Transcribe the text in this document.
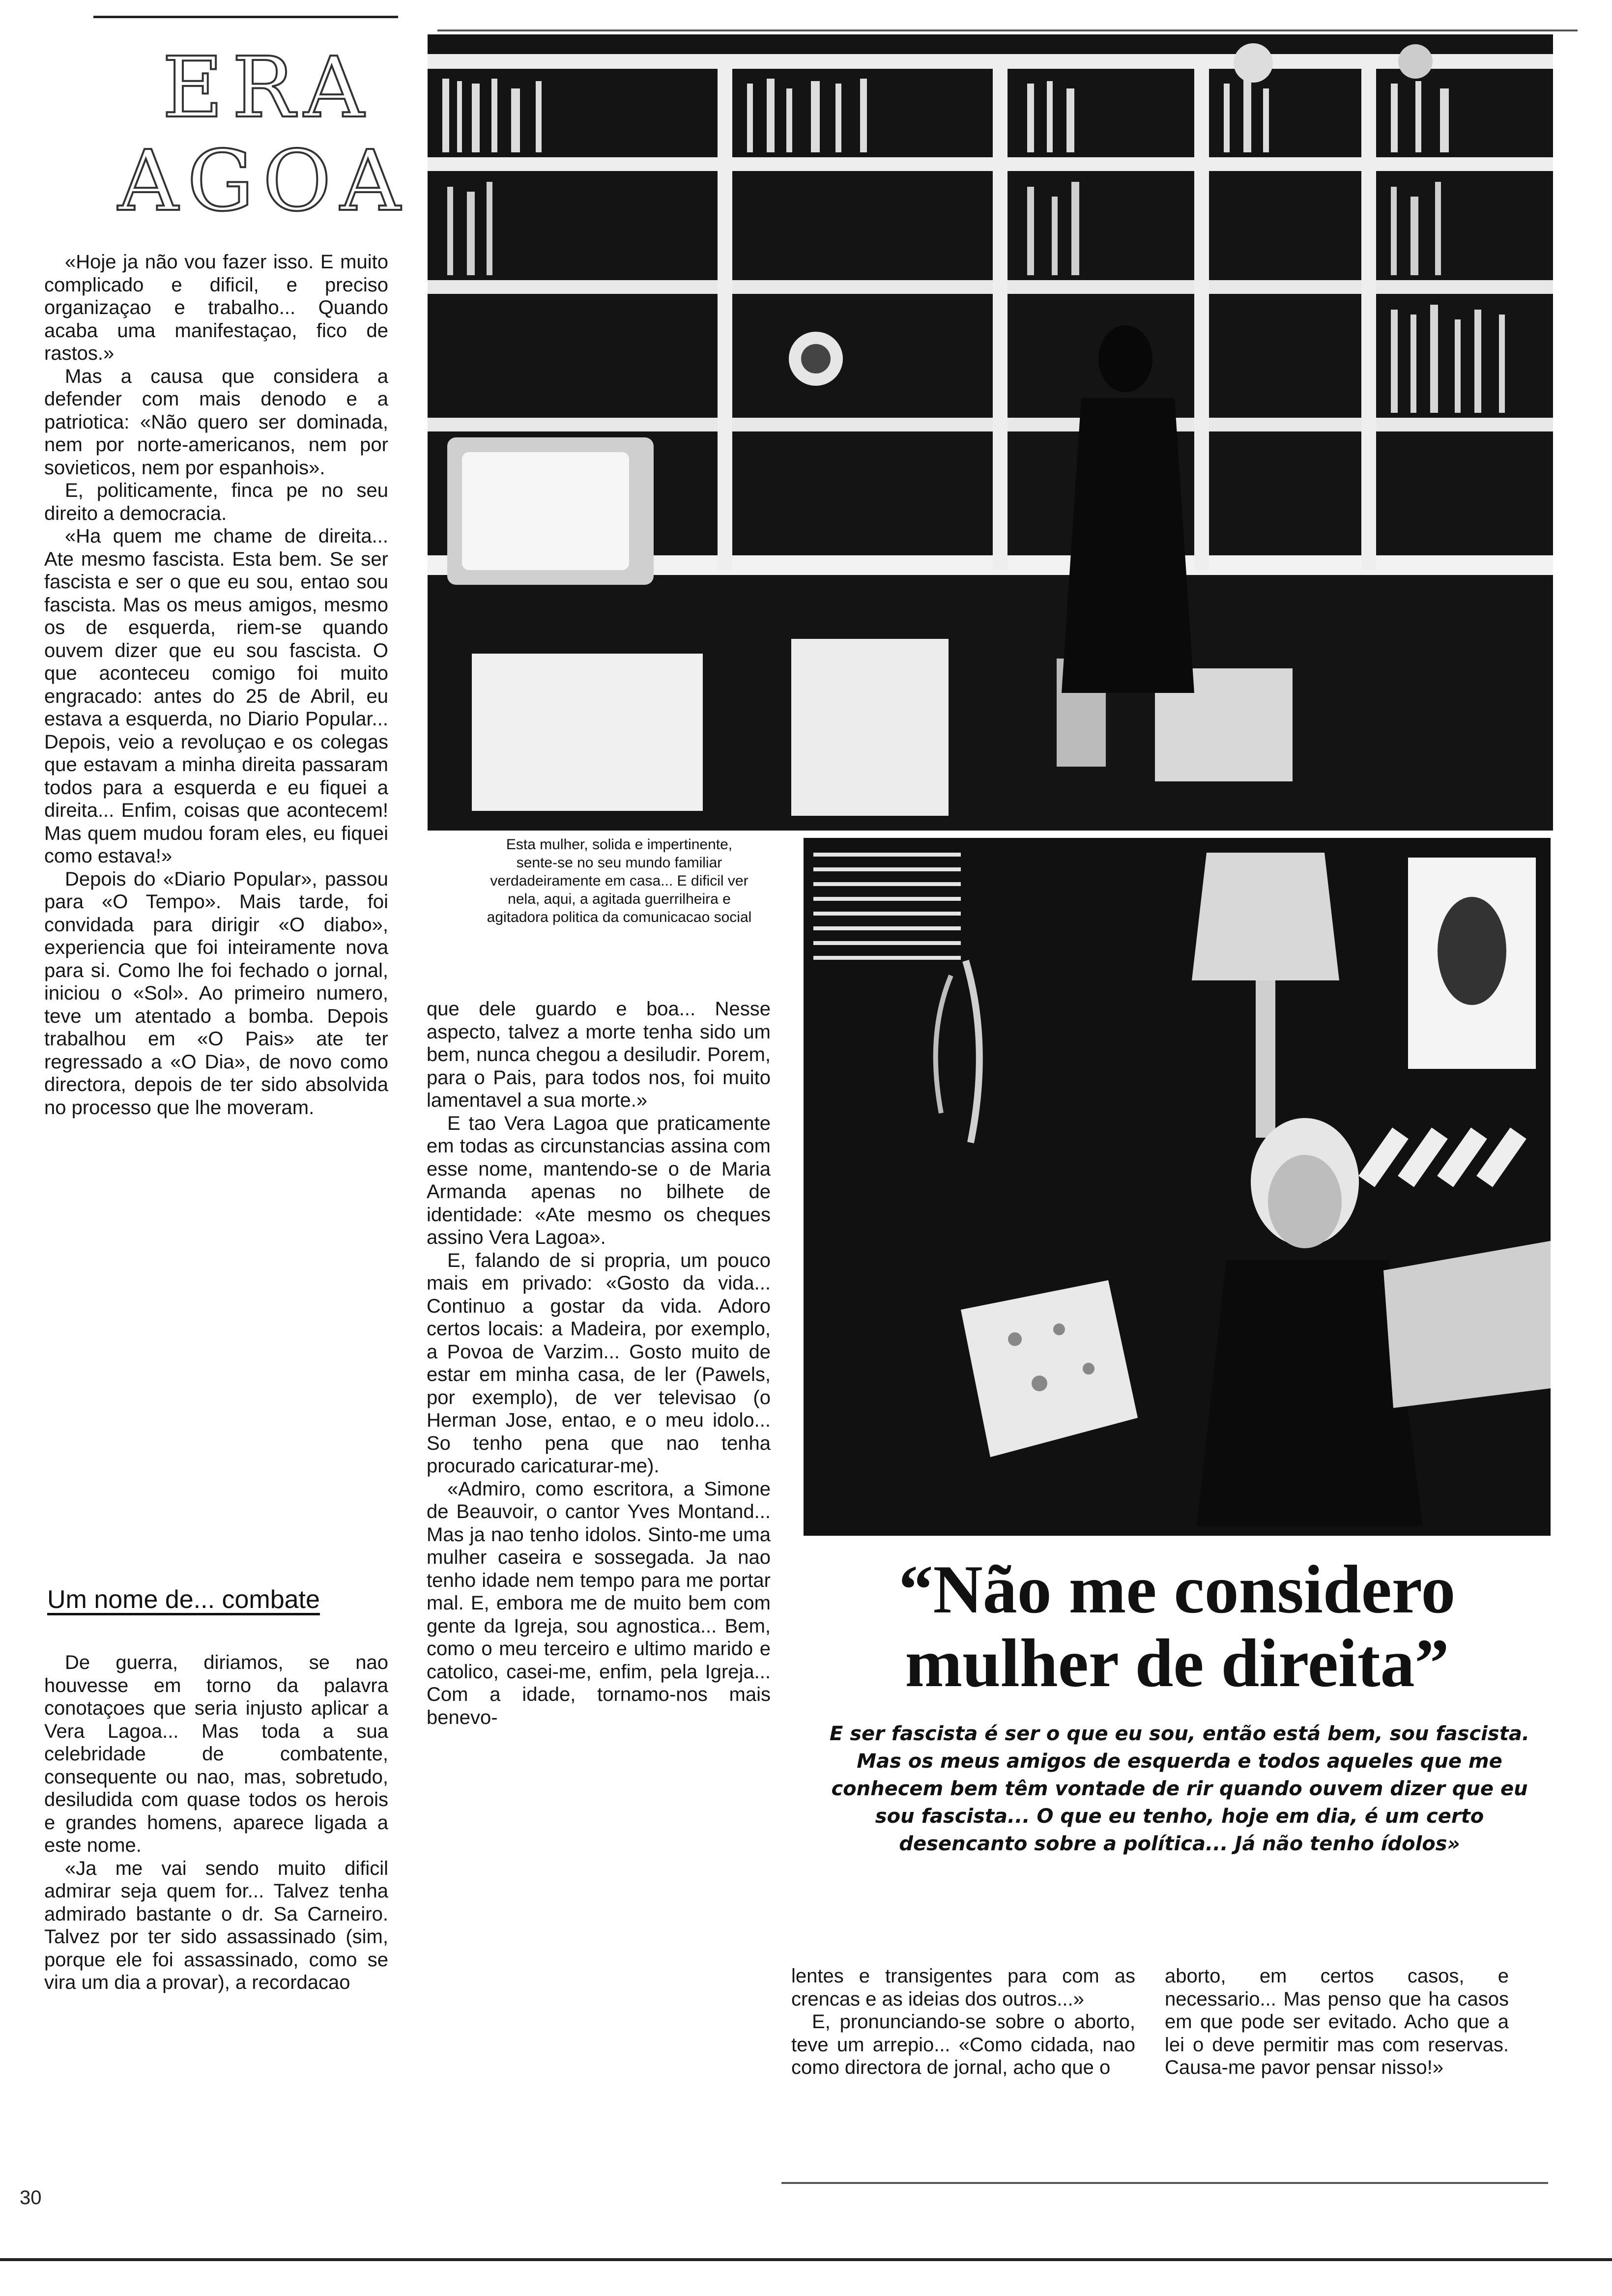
ERA
AGOA

«Hoje ja não vou fazer isso. E muito complicado e dificil, e preciso organizaçao e trabalho... Quando acaba uma manifestaçao, fico de rastos.»

Mas a causa que considera a defender com mais denodo e a patriotica: «Não quero ser dominada, nem por norte-americanos, nem por sovieticos, nem por espanhois».

E, politicamente, finca pe no seu direito a democracia.

«Ha quem me chame de direita... Ate mesmo fascista. Esta bem. Se ser fascista e ser o que eu sou, entao sou fascista. Mas os meus amigos, mesmo os de esquerda, riem-se quando ouvem dizer que eu sou fascista. O que aconteceu comigo foi muito engracado: antes do 25 de Abril, eu estava a esquerda, no Diario Popular... Depois, veio a revoluçao e os colegas que estavam a minha direita passaram todos para a esquerda e eu fiquei a direita... Enfim, coisas que acontecem! Mas quem mudou foram eles, eu fiquei como estava!»

Depois do «Diario Popular», passou para «O Tempo». Mais tarde, foi convidada para dirigir «O diabo», experiencia que foi inteiramente nova para si. Como lhe foi fechado o jornal, iniciou o «Sol». Ao primeiro numero, teve um atentado a bomba. Depois trabalhou em «O Pais» ate ter regressado a «O Dia», de novo como directora, depois de ter sido absolvida no processo que lhe moveram.

Um nome de... combate

De guerra, diriamos, se nao houvesse em torno da palavra conotaçoes que seria injusto aplicar a Vera Lagoa... Mas toda a sua celebridade de combatente, consequente ou nao, mas, sobretudo, desiludida com quase todos os herois e grandes homens, aparece ligada a este nome.

«Ja me vai sendo muito dificil admirar seja quem for... Talvez tenha admirado bastante o dr. Sa Carneiro. Talvez por ter sido assassinado (sim, porque ele foi assassinado, como se vira um dia a provar), a recordacao

Esta mulher, solida e impertinente, sente-se no seu mundo familiar verdadeiramente em casa... E dificil ver nela, aqui, a agitada guerrilheira e agitadora politica da comunicacao social

que dele guardo e boa... Nesse aspecto, talvez a morte tenha sido um bem, nunca chegou a desiludir. Porem, para o Pais, para todos nos, foi muito lamentavel a sua morte.»

E tao Vera Lagoa que praticamente em todas as circunstancias assina com esse nome, mantendo-se o de Maria Armanda apenas no bilhete de identidade: «Ate mesmo os cheques assino Vera Lagoa».

E, falando de si propria, um pouco mais em privado: «Gosto da vida... Continuo a gostar da vida. Adoro certos locais: a Madeira, por exemplo, a Povoa de Varzim... Gosto muito de estar em minha casa, de ler (Pawels, por exemplo), de ver televisao (o Herman Jose, entao, e o meu idolo... So tenho pena que nao tenha procurado caricaturar-me).

«Admiro, como escritora, a Simone de Beauvoir, o cantor Yves Montand... Mas ja nao tenho idolos. Sinto-me uma mulher caseira e sossegada. Ja nao tenho idade nem tempo para me portar mal. E, embora me de muito bem com gente da Igreja, sou agnostica... Bem, como o meu terceiro e ultimo marido e catolico, casei-me, enfim, pela Igreja... Com a idade, tornamo-nos mais benevo-

“Não me considero mulher de direita”
E ser fascista é ser o que eu sou, então está bem, sou fascista. Mas os meus amigos de esquerda e todos aqueles que me conhecem bem têm vontade de rir quando ouvem dizer que eu sou fascista... O que eu tenho, hoje em dia, é um certo desencanto sobre a política... Já não tenho ídolos»

lentes e transigentes para com as crencas e as ideias dos outros...»

E, pronunciando-se sobre o aborto, teve um arrepio... «Como cidada, nao como directora de jornal, acho que o

aborto, em certos casos, e necessario... Mas penso que ha casos em que pode ser evitado. Acho que a lei o deve permitir mas com reservas. Causa-me pavor pensar nisso!»

30
